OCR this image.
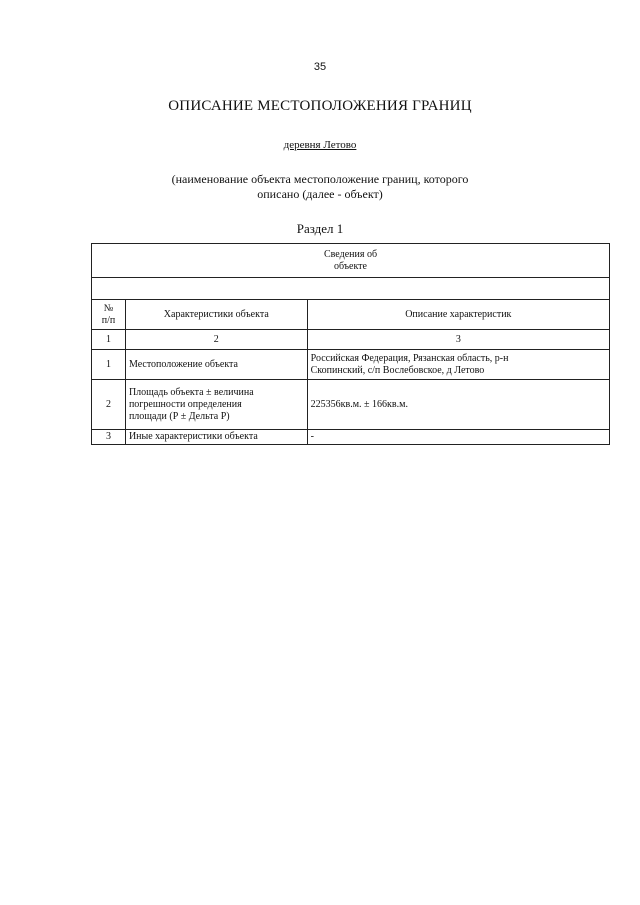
35
ОПИСАНИЕ МЕСТОПОЛОЖЕНИЯ ГРАНИЦ
деревня Летово
(наименование объекта местоположение границ, которого
описано (далее - объект)
Раздел 1
Сведения об
объекте		

№
п/п	Характеристики объекта	Описание характеристик
1	2	3
1	Местоположение объекта	Российская Федерация, Рязанская область, р-н
Скопинский, с/п Вослебовское, д Летово

2	Площадь объекта ± величина
погрешности определения
площади (Р ± Дельта Р)	225356кв.м. ± 166кв.м.
3	Иные характеристики объекта	-
